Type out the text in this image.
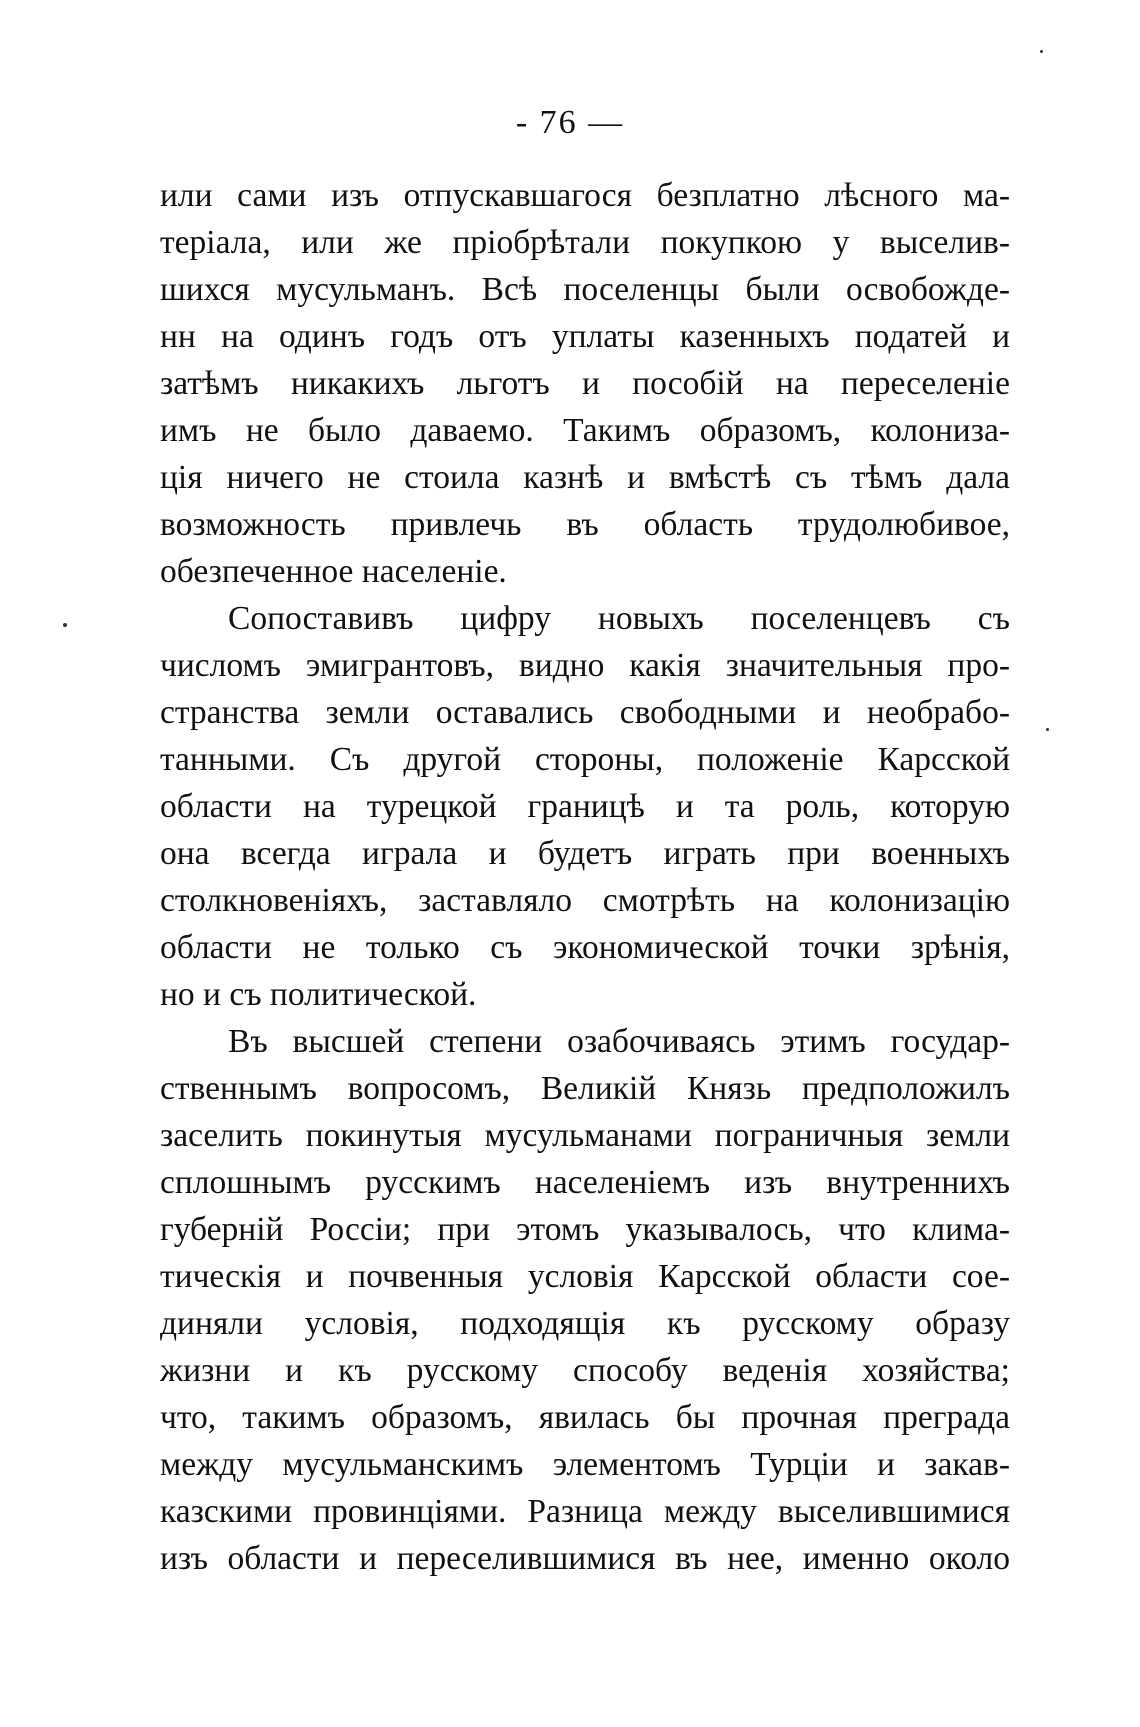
- 76 —
или сами изъ отпускавшагося безплатно лѣсного ма-
теріала, или же пріобрѣтали покупкою у выселив-
шихся мусульманъ. Всѣ поселенцы были освобожде-
нн на одинъ годъ отъ уплаты казенныхъ податей и
затѣмъ никакихъ льготъ и пособій на переселеніе
имъ не было даваемо. Такимъ образомъ, колониза-
ція ничего не стоила казнѣ и вмѣстѣ съ тѣмъ дала
возможность привлечь въ область трудолюбивое,
обезпеченное населеніе.
Сопоставивъ цифру новыхъ поселенцевъ съ
числомъ эмигрантовъ, видно какія значительныя про-
странства земли оставались свободными и необрабо-
танными. Съ другой стороны, положеніе Карсской
области на турецкой границѣ и та роль, которую
она всегда играла и будетъ играть при военныхъ
столкновеніяхъ, заставляло смотрѣть на колонизацію
области не только съ экономической точки зрѣнія,
но и съ политической.
Въ высшей степени озабочиваясь этимъ государ-
ственнымъ вопросомъ, Великій Князь предположилъ
заселить покинутыя мусульманами пограничныя земли
сплошнымъ русскимъ населеніемъ изъ внутреннихъ
губерній Россіи; при этомъ указывалось, что клима-
тическія и почвенныя условія Карсской области сое-
диняли условія, подходящія къ русскому образу
жизни и къ русскому способу веденія хозяйства;
что, такимъ образомъ, явилась бы прочная преграда
между мусульманскимъ элементомъ Турціи и закав-
казскими провинціями. Разница между выселившимися
изъ области и переселившимися въ нее, именно около
